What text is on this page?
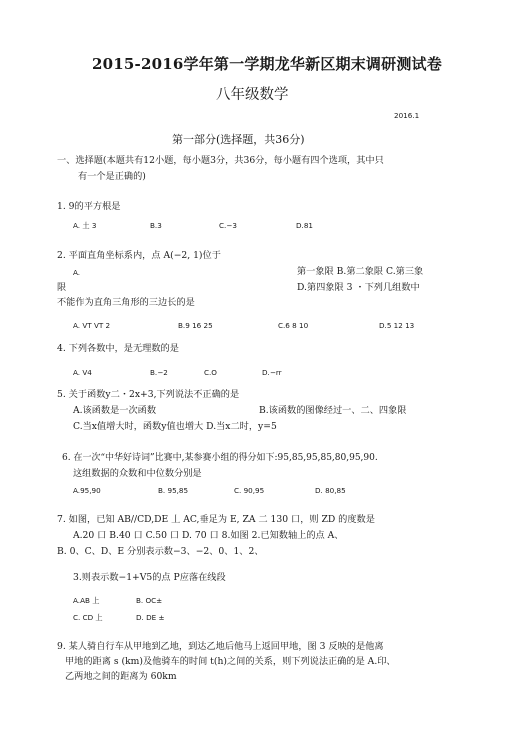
2015-2016学年第一学期龙华新区期末调研测试卷
八年级数学
2016.1
第一部分(选择题，共36分)
一、选择题(本题共有12小题，每小题3分，共36分，每小题有四个选项，其中只
有一个是正确的)
1. 9的平方根是
A. 土 3	B.3	C.−3	D.81
2. 平面直角坐标系内，点 A(−2, 1)位于
A.	第一象限 B.第二象限 C.第三象
限	D.第四象限 3 ・下列几组数中
不能作为直角三角形的三边长的是
A. VT VT 2	B.9 16 25	C.6 8 10	D.5 12 13
4. 下列各数中，是无理数的是
A. V4	B.−2	C.O	D.−rr
5. 关于函数y二・2x+3,下列说法不正确的是
A.该函数是一次函数	B.该函数的图像经过一、二、四象限
C.当x值增大时，函数y值也增大 D.当x二时，y=5
6. 在一次“中华好诗词”比赛中,某参赛小组的得分如下:95,85,95,85,80,95,90.
这组数据的众数和中位数分别是
A.95,90	B. 95,85	C. 90,95	D. 80,85
7. 如图，已知 AB//CD,DE 丄 AC,垂足为 E, ZA 二 130 口，则 ZD 的度数是
A.20 口 B.40 口 C.50 口 D. 70 口 8.如图 2.已知数轴上的点 A、
B. 0、C、D、E 分别表示数−3、−2、0、1、2、
3.则表示数−1+V5的点 P应落在线段
A.AB 上	B. OC±
C. CD 上	D. DE ±
9. 某人骑自行车从甲地到乙地，到达乙地后他马上返回甲地，图 3 反映的是他离
甲地的距离 s (km)及他骑车的时间 t(h)之间的关系，则下列说法正确的是 A.印、
乙两地之间的距离为 60km
